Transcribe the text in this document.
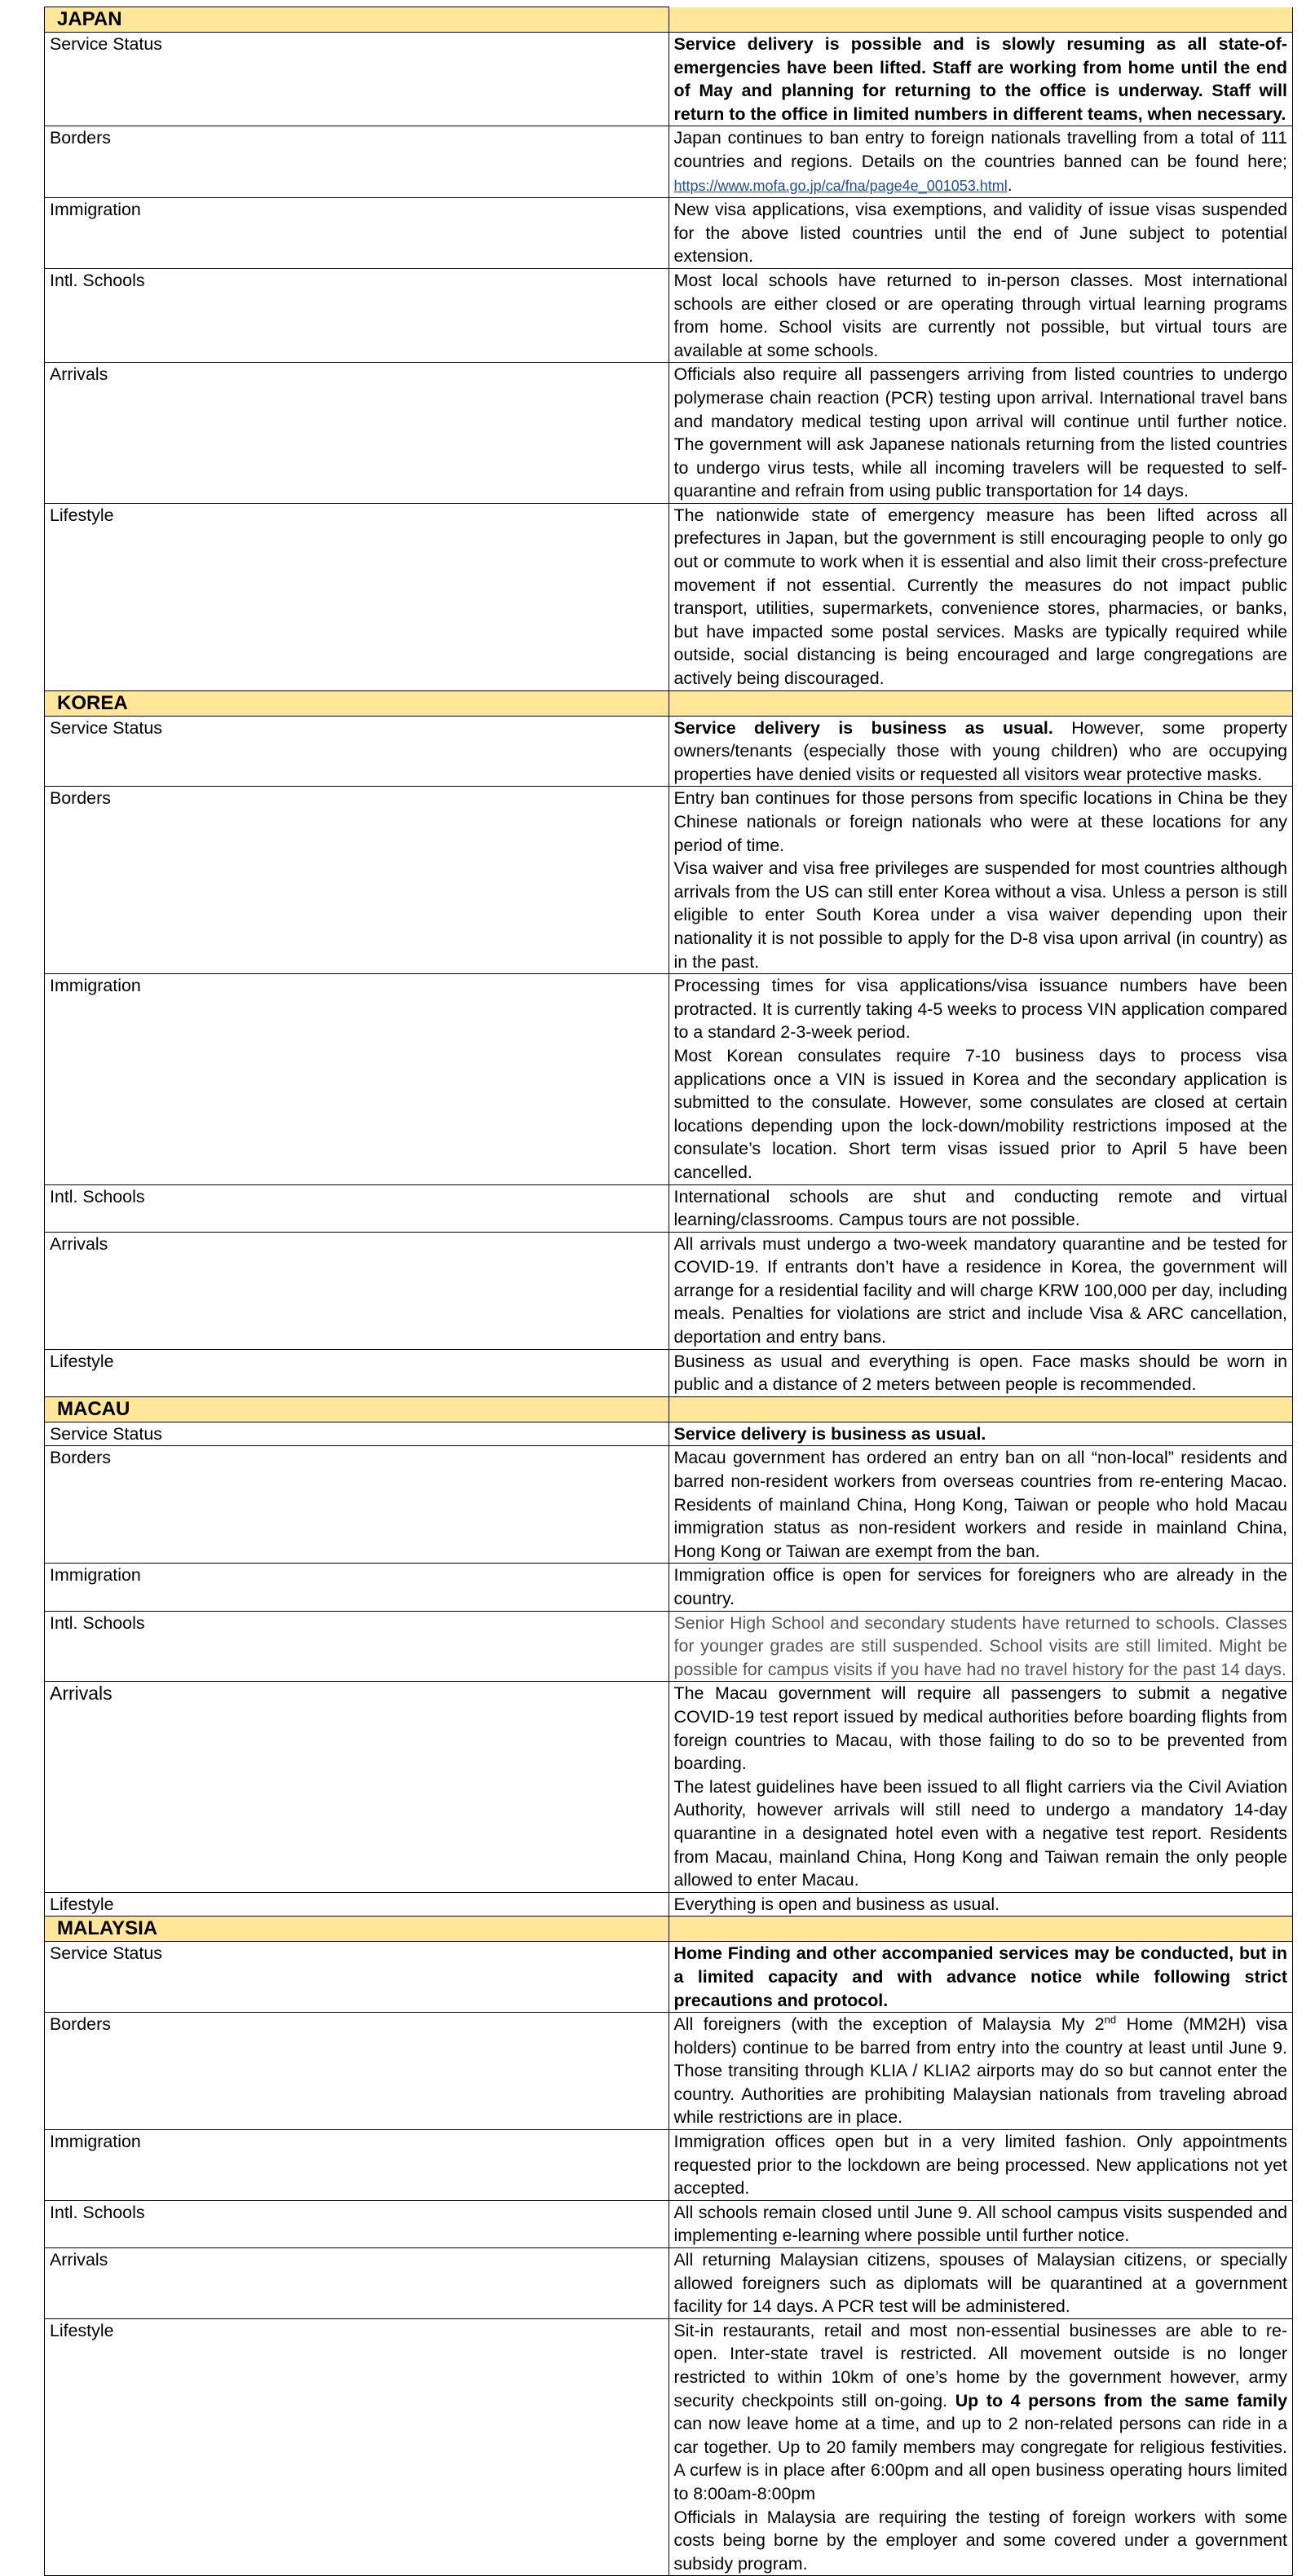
JAPAN	
Service Status	Service delivery is possible and is slowly resuming as all state-of-emergencies have been lifted. Staff are working from home until the end of May and planning for returning to the office is underway. Staff will return to the office in limited numbers in different teams, when necessary.

Borders	Japan continues to ban entry to foreign nationals travelling from a total of 111 countries and regions. Details on the countries banned can be found here; https://www.mofa.go.jp/ca/fna/page4e_001053.html.

Immigration	New visa applications, visa exemptions, and validity of issue visas suspended for the above listed countries until the end of June subject to potential extension.

Intl. Schools	Most local schools have returned to in-person classes. Most international schools are either closed or are operating through virtual learning programs from home. School visits are currently not possible, but virtual tours are available at some schools.

Arrivals	Officials also require all passengers arriving from listed countries to undergo polymerase chain reaction (PCR) testing upon arrival. International travel bans and mandatory medical testing upon arrival will continue until further notice. The government will ask Japanese nationals returning from the listed countries to undergo virus tests, while all incoming travelers will be requested to self-quarantine and refrain from using public transportation for 14 days.

Lifestyle	The nationwide state of emergency measure has been lifted across all prefectures in Japan, but the government is still encouraging people to only go out or commute to work when it is essential and also limit their cross-prefecture movement if not essential. Currently the measures do not impact public transport, utilities, supermarkets, convenience stores, pharmacies, or banks, but have impacted some postal services. Masks are typically required while outside, social distancing is being encouraged and large congregations are actively being discouraged.

KOREA	
Service Status	Service delivery is business as usual. However, some property owners/tenants (especially those with young children) who are occupying properties have denied visits or requested all visitors wear protective masks.

Borders	Entry ban continues for those persons from specific locations in China be they Chinese nationals or foreign nationals who were at these locations for any period of time.
Visa waiver and visa free privileges are suspended for most countries although arrivals from the US can still enter Korea without a visa. Unless a person is still eligible to enter South Korea under a visa waiver depending upon their nationality it is not possible to apply for the D-8 visa upon arrival (in country) as in the past.

Immigration	Processing times for visa applications/visa issuance numbers have been protracted. It is currently taking 4-5 weeks to process VIN application compared to a standard 2-3-week period.
Most Korean consulates require 7-10 business days to process visa applications once a VIN is issued in Korea and the secondary application is submitted to the consulate. However, some consulates are closed at certain locations depending upon the lock-down/mobility restrictions imposed at the consulate’s location. Short term visas issued prior to April 5 have been cancelled.

Intl. Schools	International schools are shut and conducting remote and virtual learning/classrooms. Campus tours are not possible.

Arrivals	All arrivals must undergo a two-week mandatory quarantine and be tested for COVID-19. If entrants don’t have a residence in Korea, the government will arrange for a residential facility and will charge KRW 100,000 per day, including meals. Penalties for violations are strict and include Visa & ARC cancellation, deportation and entry bans.

Lifestyle	Business as usual and everything is open. Face masks should be worn in public and a distance of 2 meters between people is recommended.

MACAU	
Service Status	Service delivery is business as usual.

Borders	Macau government has ordered an entry ban on all “non-local” residents and barred non-resident workers from overseas countries from re-entering Macao. Residents of mainland China, Hong Kong, Taiwan or people who hold Macau immigration status as non-resident workers and reside in mainland China, Hong Kong or Taiwan are exempt from the ban.

Immigration	Immigration office is open for services for foreigners who are already in the country.

Intl. Schools	Senior High School and secondary students have returned to schools. Classes for younger grades are still suspended. School visits are still limited. Might be possible for campus visits if you have had no travel history for the past 14 days.

Arrivals	The Macau government will require all passengers to submit a negative COVID-19 test report issued by medical authorities before boarding flights from foreign countries to Macau, with those failing to do so to be prevented from boarding.
The latest guidelines have been issued to all flight carriers via the Civil Aviation Authority, however arrivals will still need to undergo a mandatory 14-day quarantine in a designated hotel even with a negative test report. Residents from Macau, mainland China, Hong Kong and Taiwan remain the only people allowed to enter Macau.

Lifestyle	Everything is open and business as usual.

MALAYSIA	
Service Status	Home Finding and other accompanied services may be conducted, but in a limited capacity and with advance notice while following strict precautions and protocol.

Borders	All foreigners (with the exception of Malaysia My 2nd Home (MM2H) visa holders) continue to be barred from entry into the country at least until June 9. Those transiting through KLIA / KLIA2 airports may do so but cannot enter the country. Authorities are prohibiting Malaysian nationals from traveling abroad while restrictions are in place.

Immigration	Immigration offices open but in a very limited fashion. Only appointments requested prior to the lockdown are being processed. New applications not yet accepted.

Intl. Schools	All schools remain closed until June 9. All school campus visits suspended and implementing e-learning where possible until further notice.

Arrivals	All returning Malaysian citizens, spouses of Malaysian citizens, or specially allowed foreigners such as diplomats will be quarantined at a government facility for 14 days. A PCR test will be administered.

Lifestyle	Sit-in restaurants, retail and most non-essential businesses are able to re-open. Inter-state travel is restricted. All movement outside is no longer restricted to within 10km of one’s home by the government however, army security checkpoints still on-going. Up to 4 persons from the same family can now leave home at a time, and up to 2 non-related persons can ride in a car together. Up to 20 family members may congregate for religious festivities. A curfew is in place after 6:00pm and all open business operating hours limited to 8:00am-8:00pm
Officials in Malaysia are requiring the testing of foreign workers with some costs being borne by the employer and some covered under a government subsidy program.
